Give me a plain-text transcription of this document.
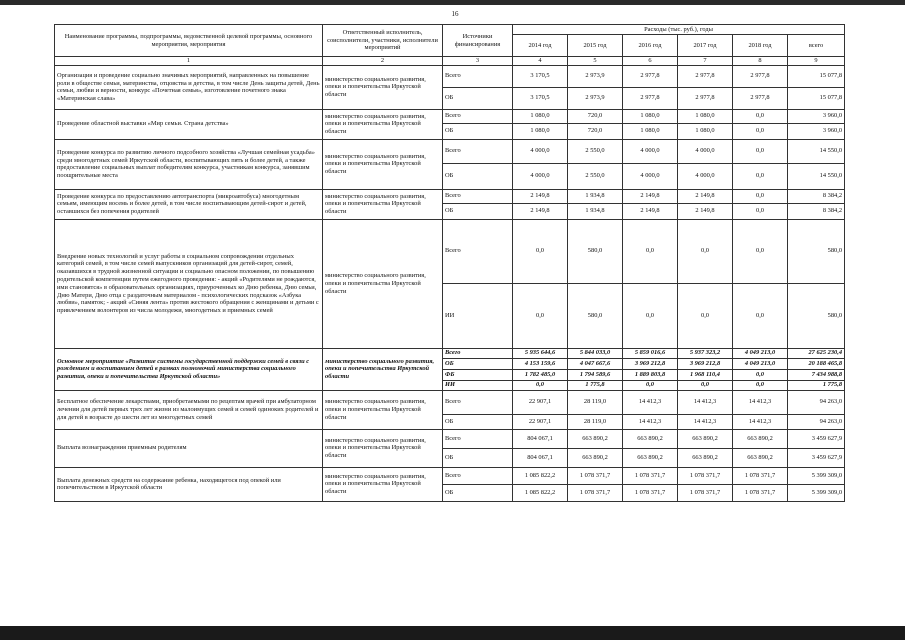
16
Наименование программы, подпрограммы, ведомственной целевой программы, основного мероприятия, мероприятия	Ответственный исполнитель, соисполнители, участники, исполнители мероприятий	Источники финансирования	Расходы (тыс. руб.), годы					
			2014 год	2015 год	2016 год	2017 год	2018 год	всего
1	2	3	4	5	6	7	8	9
Организация и проведение социально значимых мероприятий, направленных на повышение роли в обществе семьи, материнства, отцовства и детства, в том числе День защиты детей, День семьи, любви и верности, конкурс «Почетная семья», изготовление почетного знака «Материнская слава»	министерство социального развития, опеки и попечительства Иркутской области	Всего	3 170,5	2 973,9	2 977,8	2 977,8	2 977,8	15 077,8
		ОБ	3 170,5	2 973,9	2 977,8	2 977,8	2 977,8	15 077,8
Проведение областной выставки «Мир семьи. Страна детства»	министерство социального развития, опеки и попечительства Иркутской области	Всего	1 080,0	720,0	1 080,0	1 080,0	0,0	3 960,0
		ОБ	1 080,0	720,0	1 080,0	1 080,0	0,0	3 960,0
Проведение конкурса по развитию личного подсобного хозяйства «Лучшая семейная усадьба» среди многодетных семей Иркутской области, воспитывающих пять и более детей, а также предоставление социальных выплат победителям конкурса, участникам конкурса, занявшим поощрительные места	министерство социального развития, опеки и попечительства Иркутской области	Всего	4 000,0	2 550,0	4 000,0	4 000,0	0,0	14 550,0
		ОБ	4 000,0	2 550,0	4 000,0	4 000,0	0,0	14 550,0
Проведение конкурса по предоставлению автотранспорта (микроавтобуса) многодетным семьям, имеющим восемь и более детей, в том числе воспитывающим детей-сирот и детей, оставшихся без попечения родителей	министерство социального развития, опеки и попечительства Иркутской области	Всего	2 149,8	1 934,8	2 149,8	2 149,8	0,0	8 384,2
		ОБ	2 149,8	1 934,8	2 149,8	2 149,8	0,0	8 384,2
Внедрение новых технологий и услуг работы в социальном сопровождении отдельных категорий семей, в том числе семей выпускников организаций для детей-сирот, семей, оказавшихся в трудной жизненной ситуации и социально опасном положении, по повышению родительской компетенции путем ежегодного проведения: - акций «Родителями не рождаются, ими становятся» в образовательных организациях, приуроченных ко Дню ребенка, Дню семьи, Дню Матери, Дню отца с раздаточным материалом - психологических подсказок «Азбука любви», памяток; - акций «Синяя лента» против жестокого обращения с женщинами и детьми с привлечением волонтеров из числа молодежи, многодетных и приемных семей	министерство социального развития, опеки и попечительства Иркутской области	Всего	0,0	580,0	0,0	0,0	0,0	580,0
		ИИ	0,0	580,0	0,0	0,0	0,0	580,0
Основное мероприятие «Развитие системы государственной поддержки семей в связи с рождением и воспитанием детей в рамках полномочий министерства социального развития, опеки и попечительства Иркутской области»	министерство социального развития, опеки и попечительства Иркутской области	Всего	5 935 644,6	5 844 033,0	5 859 016,6	5 937 323,2	4 049 213,0	27 625 230,4
		ОБ	4 153 159,6	4 047 667,6	3 969 212,8	3 969 212,8	4 049 213,0	20 188 465,8
		ФБ	1 782 485,0	1 794 589,6	1 889 803,8	1 968 110,4	0,0	7 434 988,8
		ИИ	0,0	1 775,8	0,0	0,0	0,0	1 775,8
Бесплатное обеспечение лекарствами, приобретаемыми по рецептам врачей при амбулаторном лечении для детей первых трех лет жизни из малоимущих семей и семей одиноких родителей и для детей в возрасте до шести лет из многодетных семей	министерство социального развития, опеки и попечительства Иркутской области	Всего	22 907,1	28 119,0	14 412,3	14 412,3	14 412,3	94 263,0
		ОБ	22 907,1	28 119,0	14 412,3	14 412,3	14 412,3	94 263,0
Выплата вознаграждения приемным родителям	министерство социального развития, опеки и попечительства Иркутской области	Всего	804 067,1	663 890,2	663 890,2	663 890,2	663 890,2	3 459 627,9
		ОБ	804 067,1	663 890,2	663 890,2	663 890,2	663 890,2	3 459 627,9
Выплата денежных средств на содержание ребенка, находящегося под опекой или попечительством в Иркутской области	министерство социального развития, опеки и попечительства Иркутской области	Всего	1 085 822,2	1 078 371,7	1 078 371,7	1 078 371,7	1 078 371,7	5 399 309,0
		ОБ	1 085 822,2	1 078 371,7	1 078 371,7	1 078 371,7	1 078 371,7	5 399 309,0
